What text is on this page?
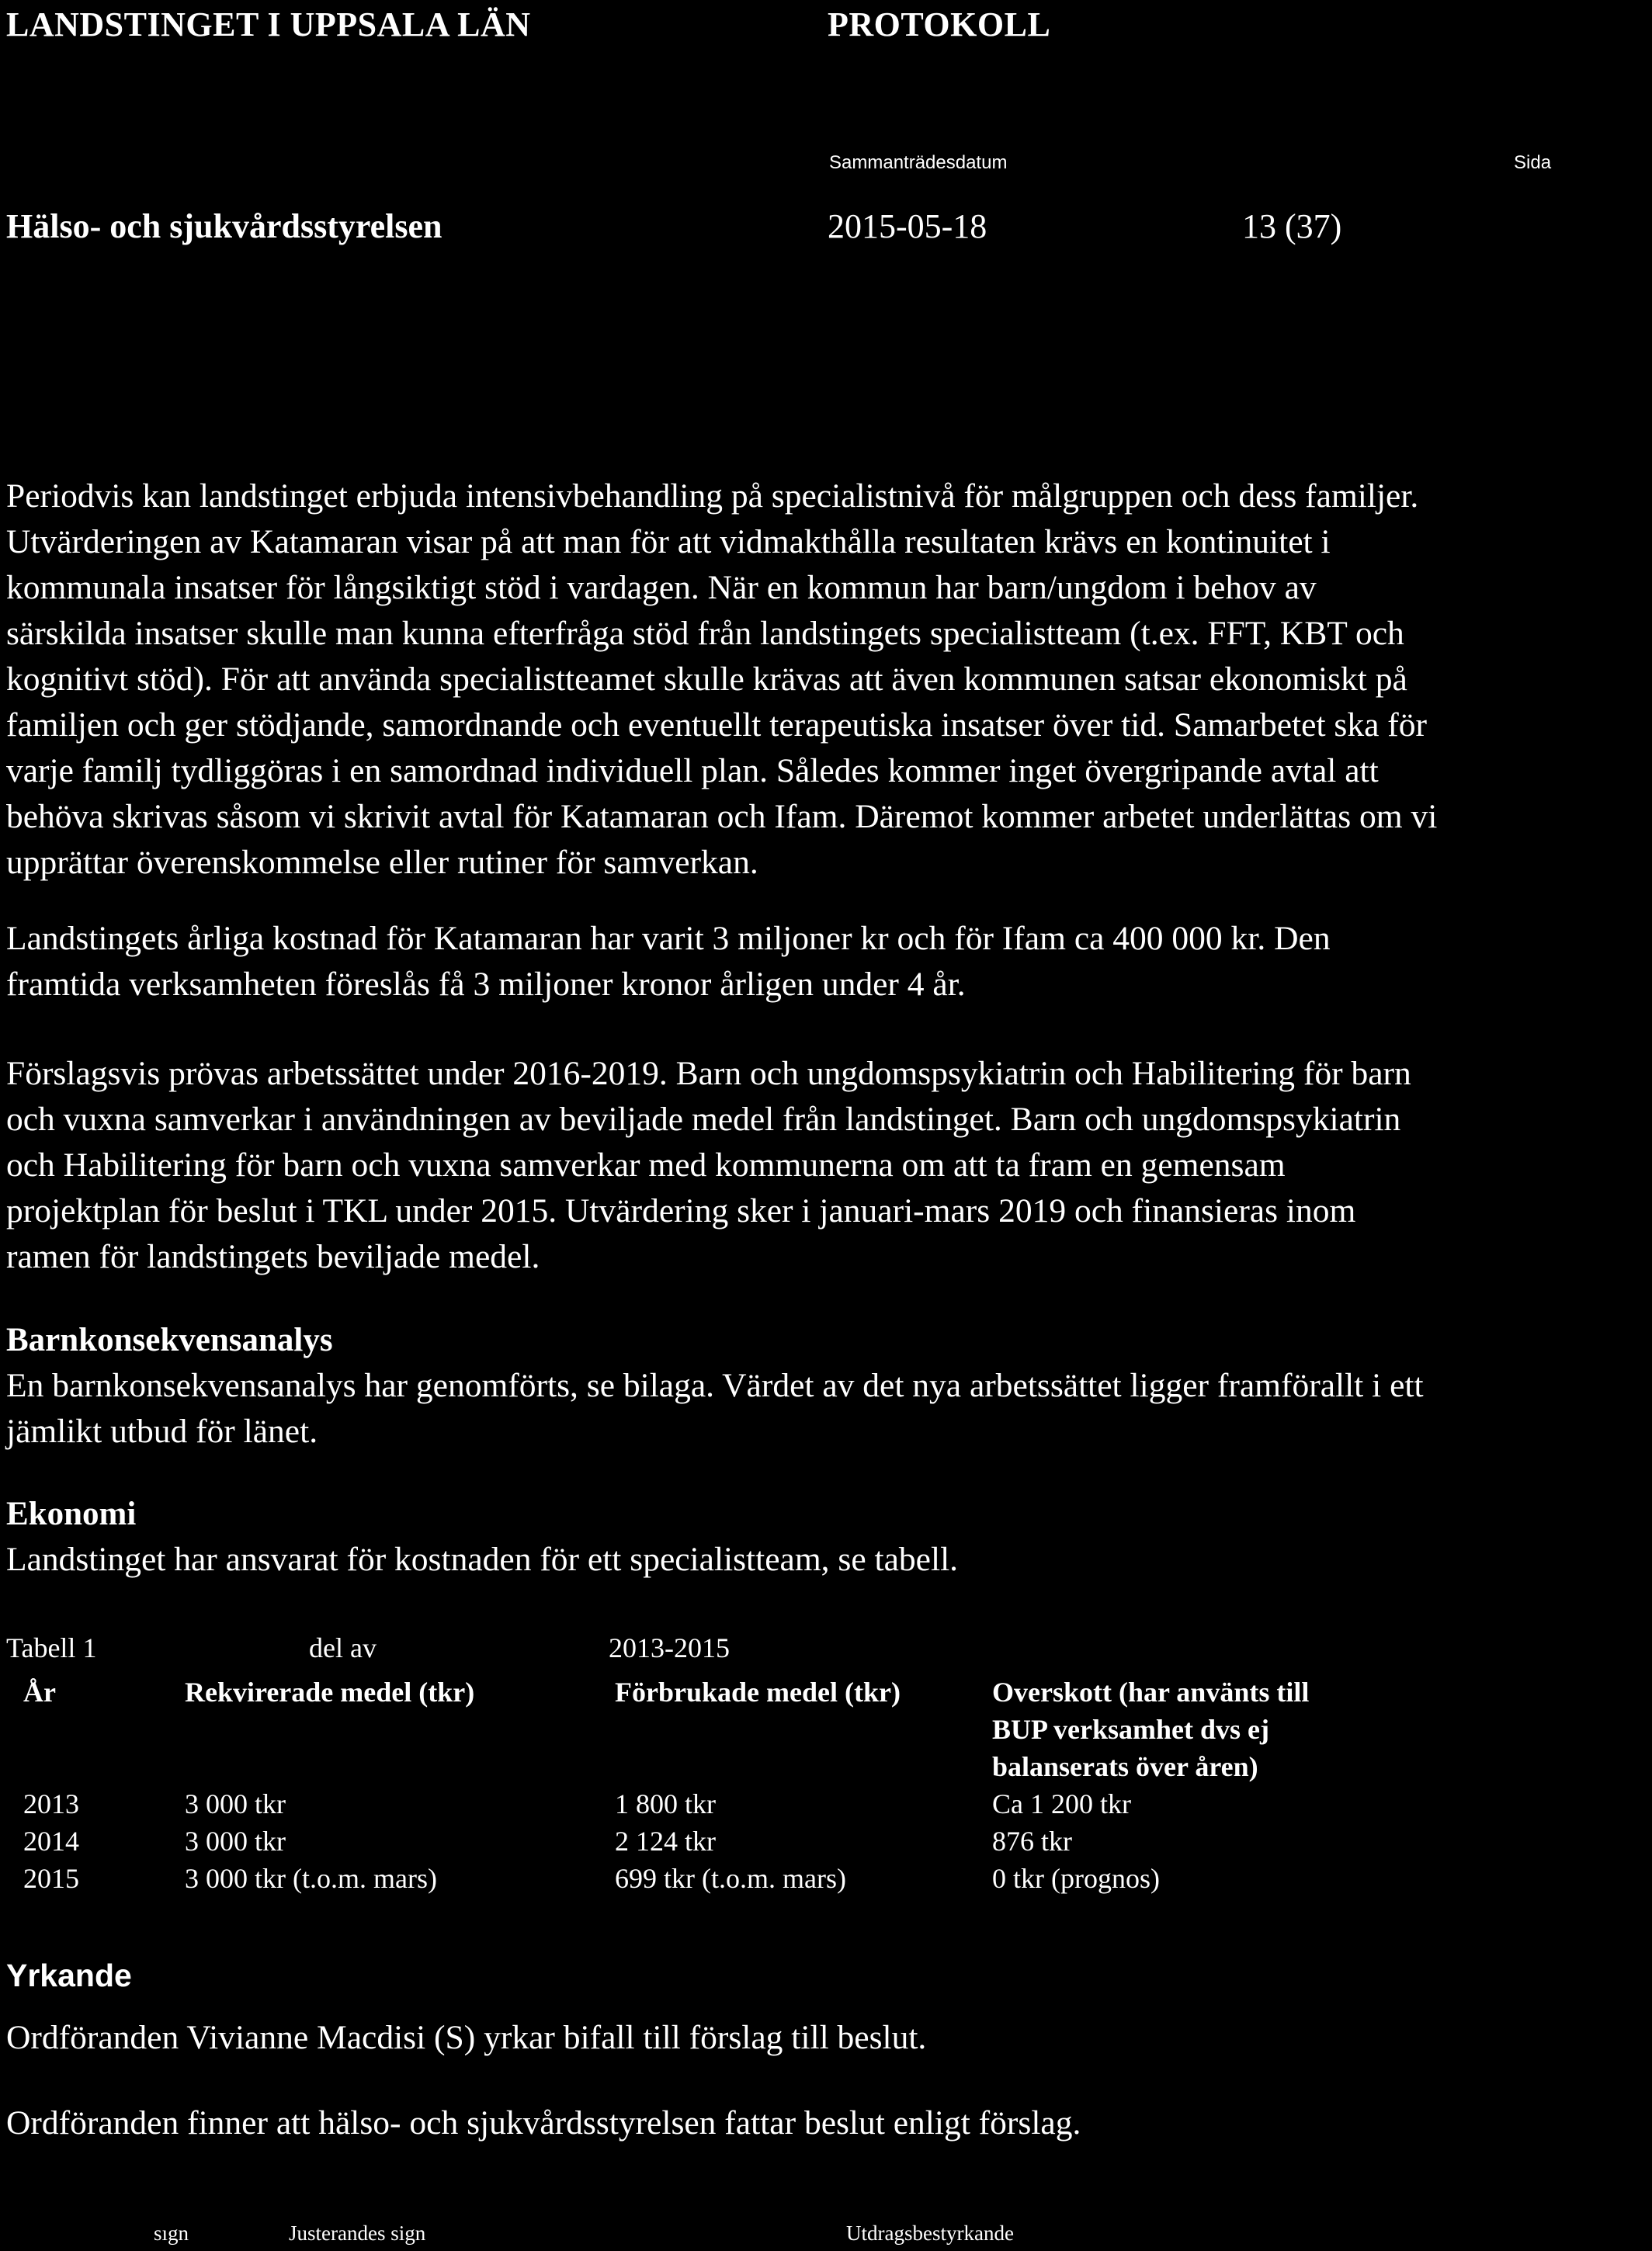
LANDSTINGET I UPPSALA LÄN	PROTOKOLL
Sammanträdesdatum	Sida
Hälso- och sjukvårdsstyrelsen	2015-05-18	13 (37)
Periodvis kan landstinget erbjuda intensivbehandling på specialistnivå för målgruppen och dess familjer.
Utvärderingen av Katamaran visar på att man för att vidmakthålla resultaten krävs en kontinuitet i
kommunala insatser för långsiktigt stöd i vardagen. När en kommun har barn/ungdom i behov av
särskilda insatser skulle man kunna efterfråga stöd från landstingets specialistteam (t.ex. FFT, KBT och
kognitivt stöd). För att använda specialistteamet skulle krävas att även kommunen satsar ekonomiskt på
familjen och ger stödjande, samordnande och eventuellt terapeutiska insatser över tid. Samarbetet ska för
varje familj tydliggöras i en samordnad individuell plan. Således kommer inget övergripande avtal att
behöva skrivas såsom vi skrivit avtal för Katamaran och Ifam. Däremot kommer arbetet underlättas om vi
upprättar överenskommelse eller rutiner för samverkan.
Landstingets årliga kostnad för Katamaran har varit 3 miljoner kr och för Ifam ca 400 000 kr. Den
framtida verksamheten föreslås få 3 miljoner kronor årligen under 4 år.
Förslagsvis prövas arbetssättet under 2016-2019. Barn och ungdomspsykiatrin och Habilitering för barn
och vuxna samverkar i användningen av beviljade medel från landstinget. Barn och ungdomspsykiatrin
och Habilitering för barn och vuxna samverkar med kommunerna om att ta fram en gemensam
projektplan för beslut i TKL under 2015. Utvärdering sker i januari-mars 2019 och finansieras inom
ramen för landstingets beviljade medel.
Barnkonsekvensanalys
En barnkonsekvensanalys har genomförts, se bilaga. Värdet av det nya arbetssättet ligger framförallt i ett
jämlikt utbud för länet.
Ekonomi
Landstinget har ansvarat för kostnaden för ett specialistteam, se tabell.
Tabell 1	del av	2013-2015
År	Rekvirerade medel (tkr)	Förbrukade medel (tkr)	Overskott (har använts till
BUP verksamhet dvs ej
balanserats över åren)

2013	3 000 tkr	1 800 tkr	Ca 1 200 tkr
2014	3 000 tkr	2 124 tkr	876 tkr
2015	3 000 tkr (t.o.m. mars)	699 tkr (t.o.m. mars)	0 tkr (prognos)
Yrkande
Ordföranden Vivianne Macdisi (S) yrkar bifall till förslag till beslut.
Ordföranden finner att hälso- och sjukvårdsstyrelsen fattar beslut enligt förslag.
sıgn	Justerandes sign	Utdragsbestyrkande
